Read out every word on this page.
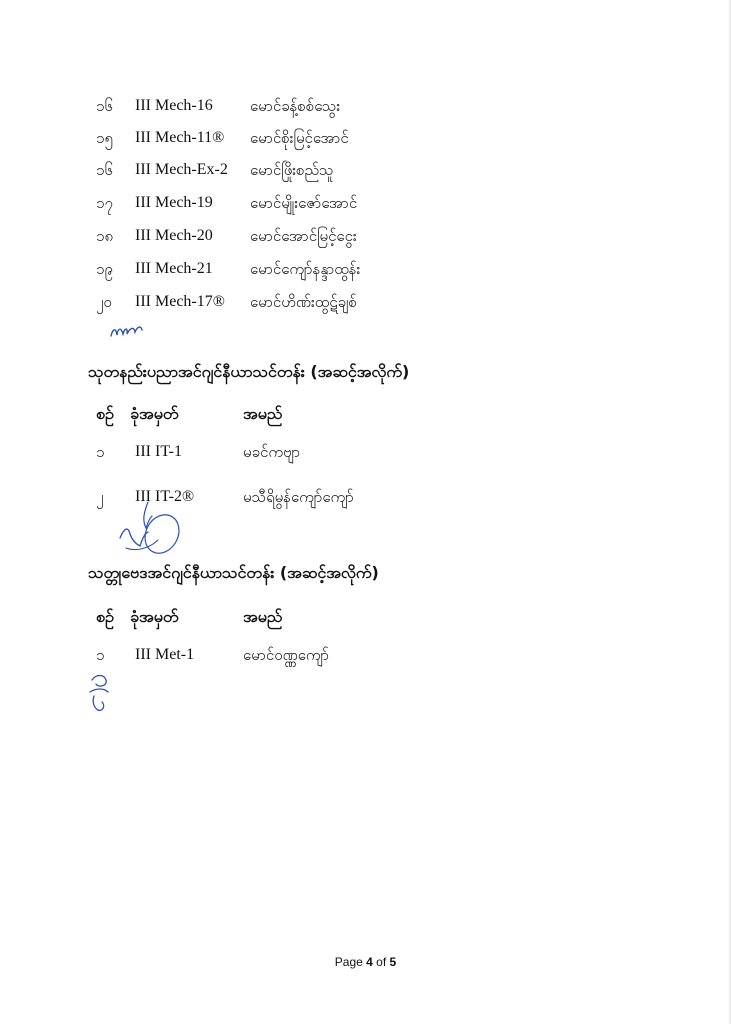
၁၆ III Mech-16 မောင်ခန့်စစ်သွေး
၁၅ III Mech-11® မောင်စိုးမြင့်အောင်
၁၆ III Mech-Ex-2 မောင်ဖြိုးစည်သူ
၁၇ III Mech-19 မောင်မျိုးဇော်အောင်
၁၈ III Mech-20 မောင်အောင်မြင့်ငွေး
၁၉ III Mech-21 မောင်ကျော်နန္ဒာထွန်း
၂၀ III Mech-17® မောင်ဟိဏ်းထွဋ်ချစ်
သုတနည်းပညာအင်ဂျင်နီယာသင်တန်း (အဆင့်အလိုက်)
စဉ် ခုံအမှတ်	အမည်
၁ III IT-1	မခင်ကဗျာ
၂ III IT-2®	မသီရိမွန်ကျော်ကျော်
သတ္တုဗေဒအင်ဂျင်နီယာသင်တန်း (အဆင့်အလိုက်)
စဉ် ခုံအမှတ်	အမည်
၁ III Met-1	မောင်ဝဏ္ဏကျော်
Page 4 of 5
